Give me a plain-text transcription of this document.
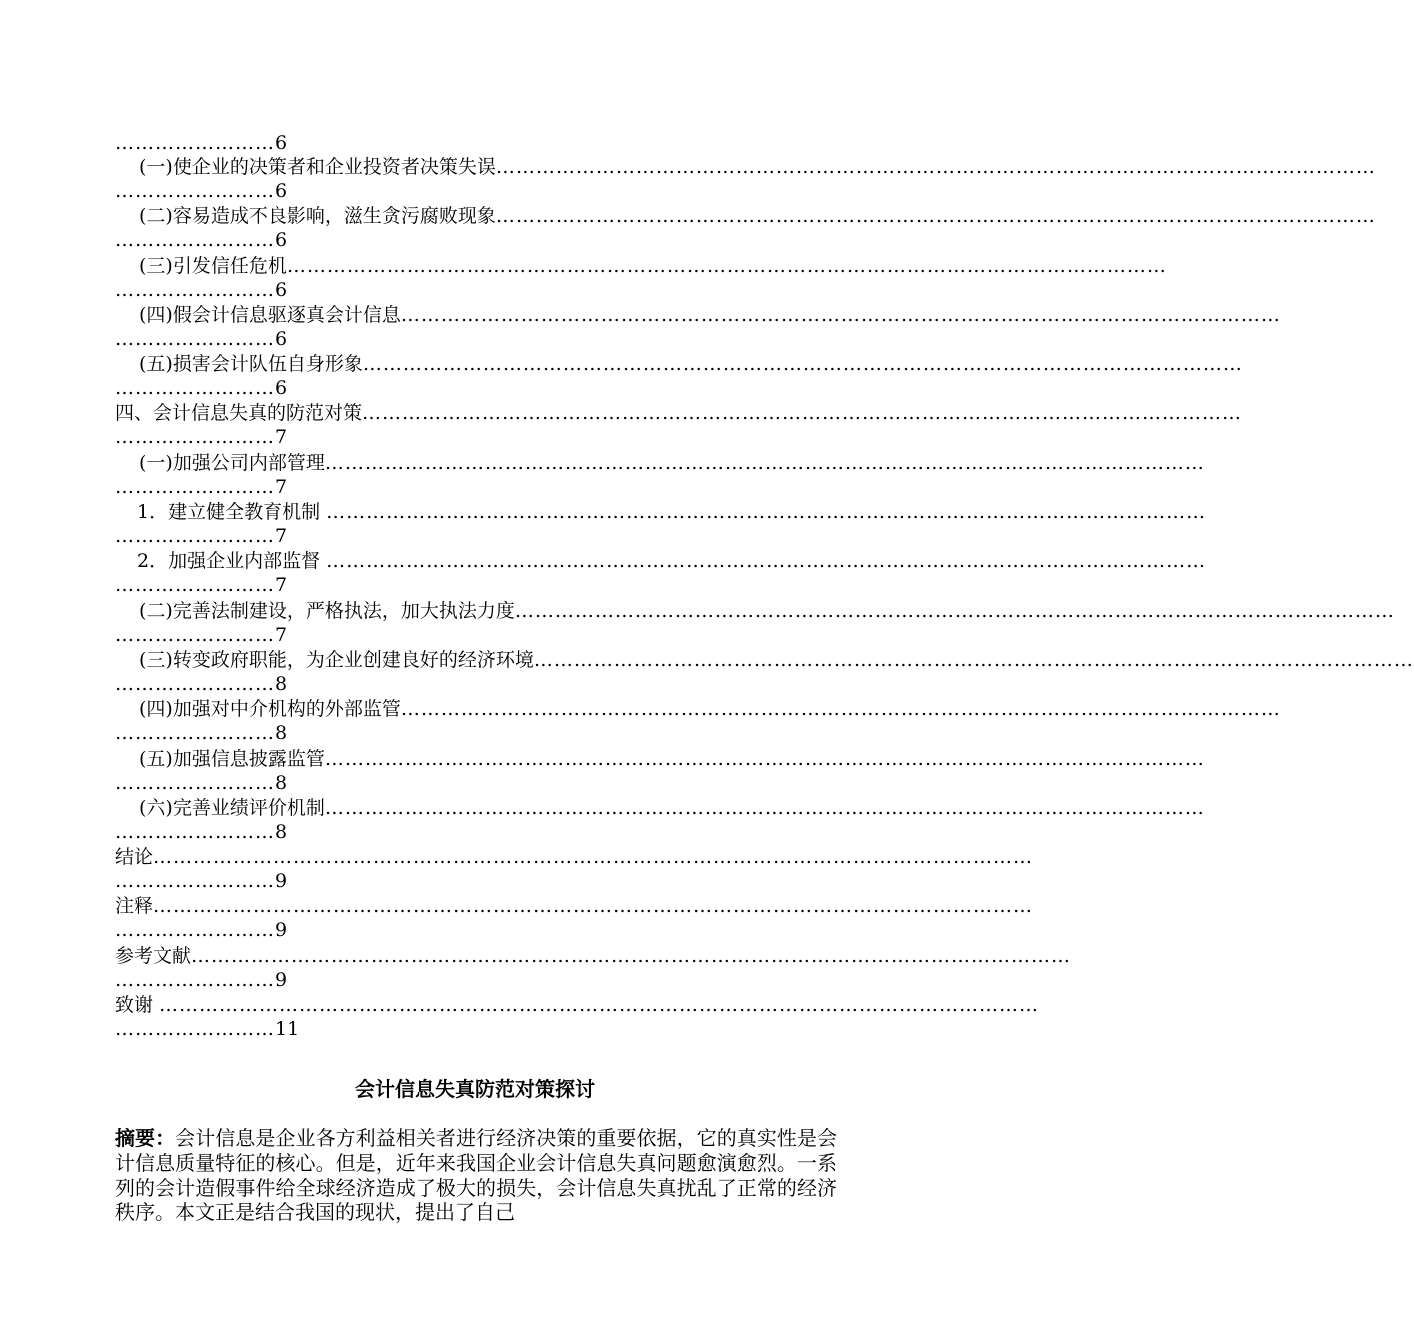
……………………6
(一)使企业的决策者和企业投资者决策失误……………………………………………………………………………………………………………………
……………………6
(二)容易造成不良影响，滋生贪污腐败现象……………………………………………………………………………………………………………………
……………………6
(三)引发信任危机……………………………………………………………………………………………………………………
……………………6
(四)假会计信息驱逐真会计信息……………………………………………………………………………………………………………………
……………………6
(五)损害会计队伍自身形象……………………………………………………………………………………………………………………
……………………6
四、会计信息失真的防范对策……………………………………………………………………………………………………………………
……………………7
(一)加强公司内部管理……………………………………………………………………………………………………………………
……………………7
1．建立健全教育机制 ……………………………………………………………………………………………………………………
……………………7
2．加强企业内部监督 ……………………………………………………………………………………………………………………
……………………7
(二)完善法制建设，严格执法，加大执法力度……………………………………………………………………………………………………………………
……………………7
(三)转变政府职能，为企业创建良好的经济环境……………………………………………………………………………………………………………………
……………………8
(四)加强对中介机构的外部监管……………………………………………………………………………………………………………………
……………………8
(五)加强信息披露监管……………………………………………………………………………………………………………………
……………………8
(六)完善业绩评价机制……………………………………………………………………………………………………………………
……………………8
结论……………………………………………………………………………………………………………………
……………………9
注释……………………………………………………………………………………………………………………
……………………9
参考文献……………………………………………………………………………………………………………………
……………………9
致谢 ……………………………………………………………………………………………………………………
……………………11
会计信息失真防范对策探讨
摘要：会计信息是企业各方利益相关者进行经济决策的重要依据，它的真实性是会计信息质量特征的核心。但是，近年来我国企业会计信息失真问题愈演愈烈。一系列的会计造假事件给全球经济造成了极大的损失，会计信息失真扰乱了正常的经济秩序。本文正是结合我国的现状，提出了自己
